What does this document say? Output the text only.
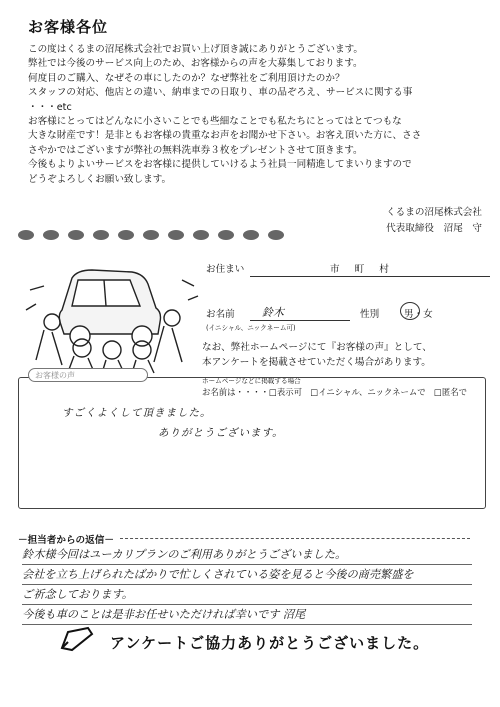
お客様各位

この度はくるまの沼尾株式会社でお買い上げ頂き誠にありがとうございます。

弊社では今後のサービス向上のため、お客様からの声を大募集しております。

何度目のご購入、なぜその車にしたのか？なぜ弊社をご利用頂けたのか？

スタッフの対応、他店との違い、納車までの日取り、車の品ぞろえ、サービスに関する事

・・・etc

お客様にとってはどんなに小さいことでも些細なことでも私たちにとってはとてつもな

大きな財産です！是非ともお客様の貴重なお声をお聞かせ下さい。お客え頂いた方に、ささ

さやかではございますが弊社の無料洗車券３枚をプレゼントさせて頂きます。

今後もよりよいサービスをお客様に提供していけるよう社員一同精進してまいりますので

どうぞよろしくお願い致します。

くるまの沼尾株式会社
代表取締役　沼尾　守
お住まい	市 町 村
お名前	鈴木
(イニシャル、ニックネーム可)
性別	男・女
なお、弊社ホームページにて『お客様の声』として、
本アンケートを掲載させていただく場合があります。
ホームページなどに掲載する場合
お名前は・・・・□表示可　□イニシャル、ニックネームで　□匿名で
お客様の声
すごくよくして頂きました。
ありがとうございます。
－担当者からの返信－

鈴木様今回はユーカリプランのご利用ありがとうございました。

会社を立ち上げられたばかりで忙しくされている姿を見ると今後の商売繁盛を

ご祈念しております。

今後も車のことは是非お任せいただければ幸いです 沼尾

アンケートご協力ありがとうございました。
